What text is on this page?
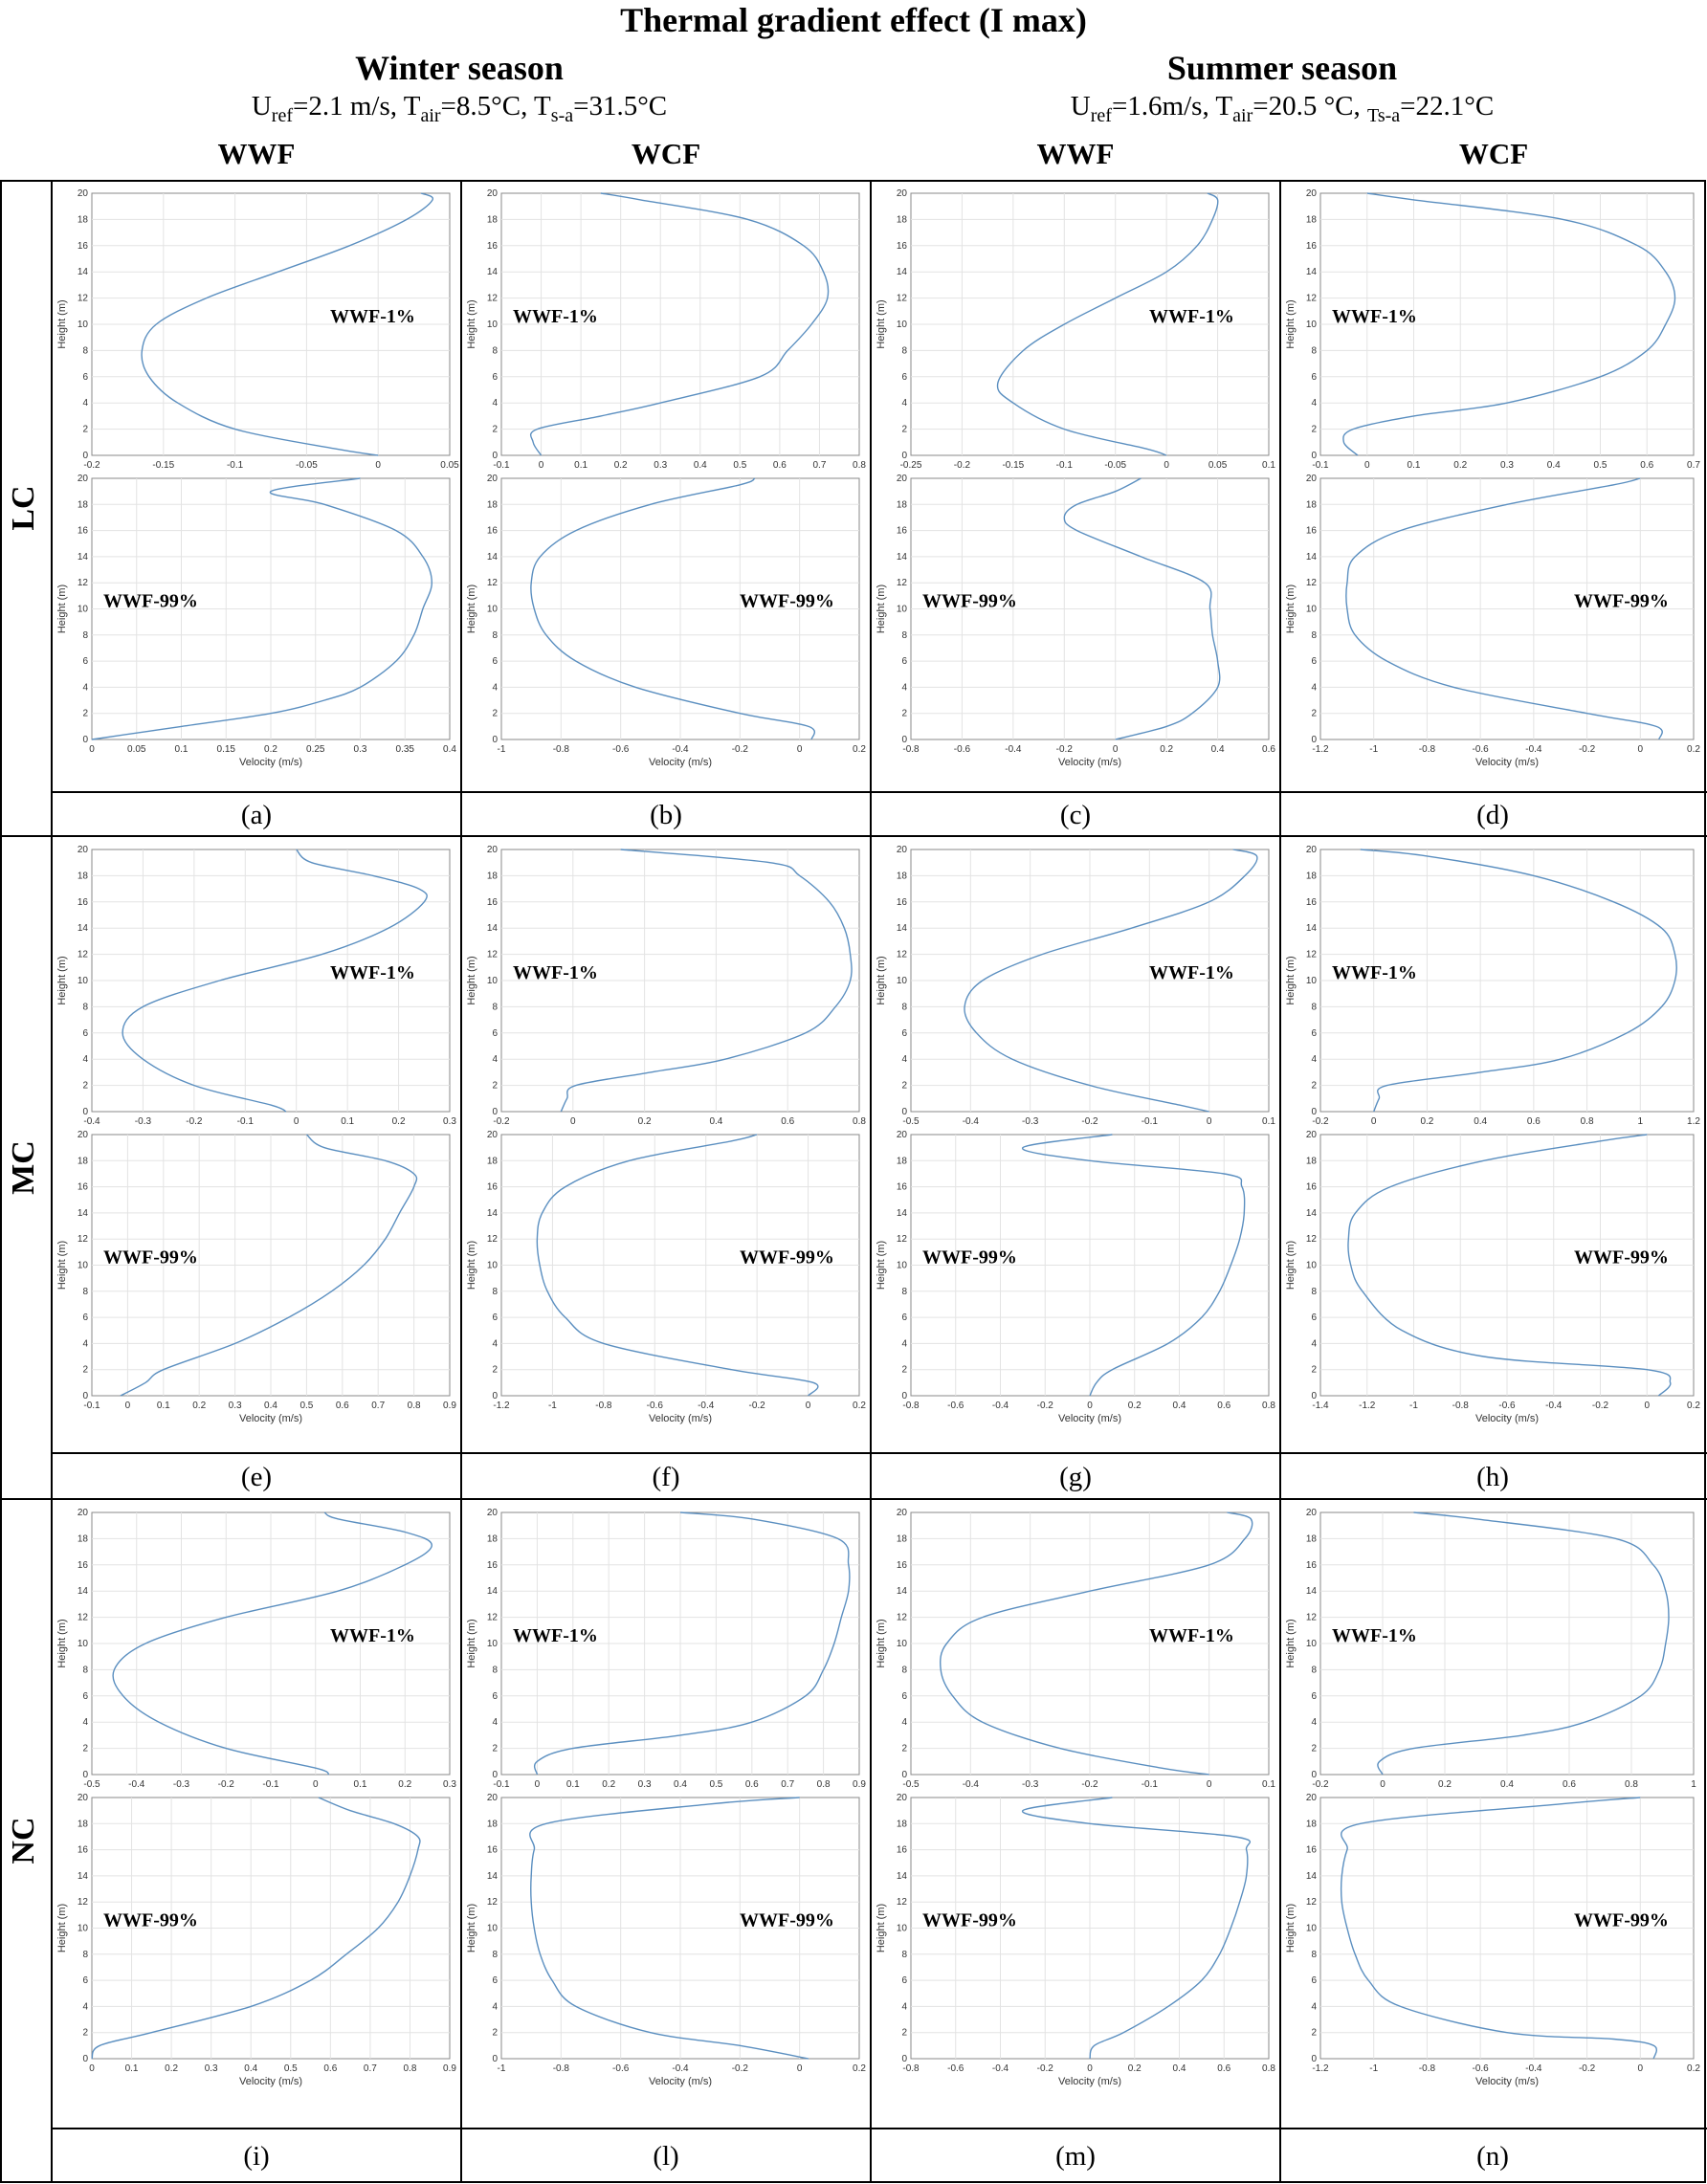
Thermal gradient effect (I max)
Winter season
$U_{ref}=2.1$ m/s, $T_{air}=8.5^\circ C$, $T_{s-a}=31.5^\circ C$
Summer season
$U_{ref}=1.6m/s$, $T_{air}=20.5$ °C, $_{Ts-a}$=22.1°C
WWF	WCF	WWF	WCF
LC
MC
NC
0
2
4
6
8
10
12
14
16
18
20
-0.2	-0.15	-0.1	-0.05	0	0.05
Height (m)	WWF-1%
0
2
4
6
8
10
12
14
16
18
20
0	0.05	0.1	0.15	0.2	0.25	0.3	0.35	0.4
Height (m)
Velocity (m/s)
WWF-99%
(a)
0
2
4
6
8
10
12
14
16
18
20
-0.1	0	0.1	0.2	0.3	0.4	0.5	0.6	0.7	0.8
Height (m) WWF-1%
0
2
4
6
8
10
12
14
16
18
20
-1	-0.8	-0.6	-0.4	-0.2	0	0.2
Height (m)
Velocity (m/s)
WWF-99%
(b)
0
2
4
6
8
10
12
14
16
18
20
-0.25	-0.2	-0.15	-0.1	-0.05	0	0.05	0.1
Height (m)	WWF-1%
0
2
4
6
8
10
12
14
16
18
20
-0.8	-0.6	-0.4	-0.2	0	0.2	0.4	0.6
Height (m)
Velocity (m/s)
WWF-99%
(c)
0
2
4
6
8
10
12
14
16
18
20
-0.1	0	0.1	0.2	0.3	0.4	0.5	0.6	0.7
Height (m) WWF-1%
0
2
4
6
8
10
12
14
16
18
20
-1.2	-1	-0.8	-0.6	-0.4	-0.2	0	0.2
Height (m)
Velocity (m/s)
WWF-99%
(d)
0
2
4
6
8
10
12
14
16
18
20
-0.4	-0.3	-0.2	-0.1	0	0.1	0.2	0.3
Height (m)	WWF-1%
0
2
4
6
8
10
12
14
16
18
20
-0.1	0	0.1 0.2 0.3 0.4 0.5 0.6 0.7 0.8 0.9
Height (m)
Velocity (m/s)
WWF-99%
(e)
0
2
4
6
8
10
12
14
16
18
20
-0.2	0	0.2	0.4	0.6	0.8
Height (m) WWF-1%
0
2
4
6
8
10
12
14
16
18
20
-1.2	-1	-0.8	-0.6	-0.4	-0.2	0	0.2
Height (m)
Velocity (m/s)
WWF-99%
(f)
0
2
4
6
8
10
12
14
16
18
20
-0.5	-0.4	-0.3	-0.2	-0.1	0	0.1
Height (m)	WWF-1%
0
2
4
6
8
10
12
14
16
18
20
-0.8	-0.6	-0.4	-0.2	0	0.2	0.4	0.6	0.8
Height (m)
Velocity (m/s)
WWF-99%
(g)
0
2
4
6
8
10
12
14
16
18
20
-0.2	0	0.2	0.4	0.6	0.8	1	1.2
Height (m) WWF-1%
0
2
4
6
8
10
12
14
16
18
20
-1.4	-1.2	-1	-0.8	-0.6	-0.4	-0.2	0	0.2
Height (m)
Velocity (m/s)
WWF-99%
(h)
0
2
4
6
8
10
12
14
16
18
20
-0.5	-0.4	-0.3	-0.2	-0.1	0	0.1	0.2	0.3
Height (m)	WWF-1%
0
2
4
6
8
10
12
14
16
18
20
0	0.1	0.2	0.3	0.4	0.5	0.6	0.7	0.8	0.9
Height (m)
Velocity (m/s)
WWF-99%
(i)
0
2
4
6
8
10
12
14
16
18
20
-0.1	0	0.1 0.2 0.3 0.4 0.5 0.6 0.7 0.8 0.9
Height (m) WWF-1%
0
2
4
6
8
10
12
14
16
18
20
-1	-0.8	-0.6	-0.4	-0.2	0	0.2
Height (m)
Velocity (m/s)
WWF-99%
(l)
0
2
4
6
8
10
12
14
16
18
20
-0.5	-0.4	-0.3	-0.2	-0.1	0	0.1
Height (m)	WWF-1%
0
2
4
6
8
10
12
14
16
18
20
-0.8	-0.6	-0.4	-0.2	0	0.2	0.4	0.6	0.8
Height (m)
Velocity (m/s)
WWF-99%
(m)
0
2
4
6
8
10
12
14
16
18
20
-0.2	0	0.2	0.4	0.6	0.8	1
Height (m) WWF-1%
0
2
4
6
8
10
12
14
16
18
20
-1.2	-1	-0.8	-0.6	-0.4	-0.2	0	0.2
Height (m)
Velocity (m/s)
WWF-99%
(n)
